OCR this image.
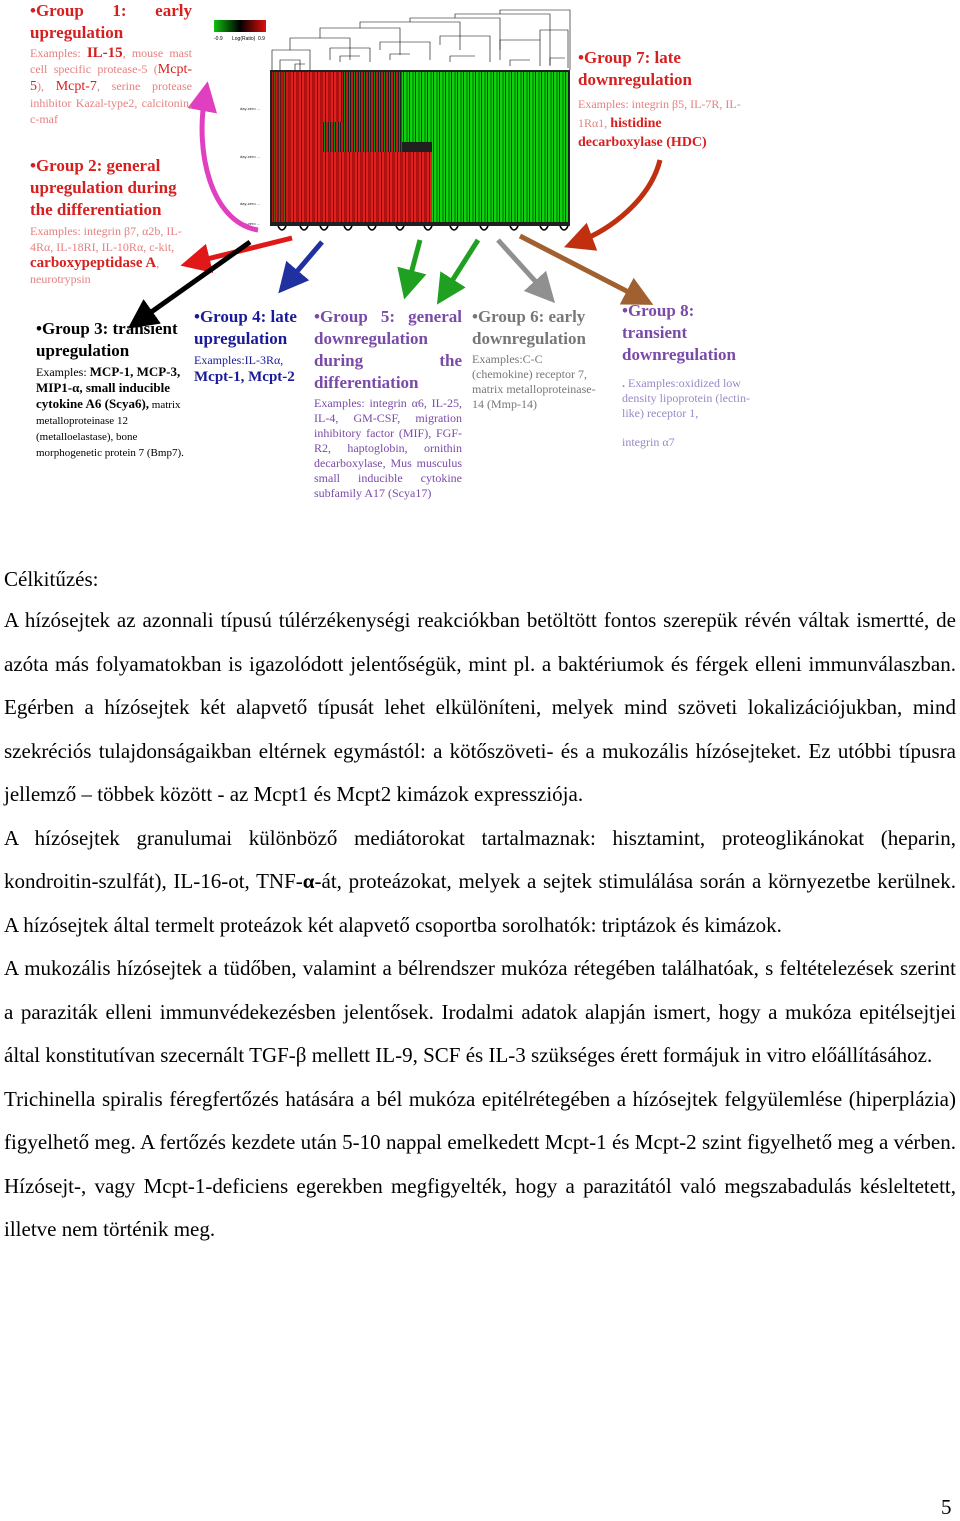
-0.9 Log(Ratio) 0.9
day-zero ...
day-zero ...
day-zero ...
day-zero ...
•Group 1: early upregulation
Examples: IL-15, mouse mast cell specific protease-5 (Mcpt-5), Mcpt-7, serine protease inhibitor Kazal-type2, calcitonin, c-maf
•Group 2: general upregulation during the differentiation
Examples: integrin β7, α2b, IL-4Rα, IL-18RI, IL-10Rα, c-kit,
carboxypeptidase A, neurotrypsin
•Group 3: transient upregulation
Examples: MCP-1, MCP-3, MIP1-α, small inducible cytokine A6 (Scya6), matrix metalloproteinase 12 (metalloelastase), bone morphogenetic protein 7 (Bmp7).
•Group 4: late upregulation
Examples:IL-3Rα,
Mcpt-1, Mcpt-2
•Group 5: general downregulation during the differentiation
Examples: integrin α6, IL-25, IL-4, GM-CSF, migration inhibitory factor (MIF), FGF-R2, haptoglobin, ornithin decarboxylase, Mus musculus small inducible cytokine subfamily A17 (Scya17)
•Group 6: early downregulation
Examples:C-C (chemokine) receptor 7, matrix metalloproteinase-14 (Mmp-14)
•Group 7: late downregulation
Examples: integrin β5, IL-7R, IL-1Rα1, histidine decarboxylase (HDC)
•Group 8: transient downregulation
. Examples:oxidized low density lipoprotein (lectin-like) receptor 1,
integrin α7
Célkitűzés:

A hízósejtek az azonnali típusú túlérzékenységi reakciókban betöltött fontos szerepük révén váltak ismertté, de azóta más folyamatokban is igazolódott jelentőségük, mint pl. a baktériumok és férgek elleni immunválaszban. Egérben a hízósejtek két alapvető típusát lehet elkülöníteni, melyek mind szöveti lokalizációjukban, mind szekréciós tulajdonságaikban eltérnek egymástól: a kötőszöveti- és a mukozális hízósejteket. Ez utóbbi típusra jellemző – többek között - az Mcpt1 és Mcpt2 kimázok expressziója.

A hízósejtek granulumai különböző mediátorokat tartalmaznak: hisztamint, proteoglikánokat (heparin, kondroitin-szulfát), IL-16-ot, TNF-α-át, proteázokat, melyek a sejtek stimulálása során a környezetbe kerülnek. A hízósejtek által termelt proteázok két alapvető csoportba sorolhatók: triptázok és kimázok.

A mukozális hízósejtek a tüdőben, valamint a bélrendszer mukóza rétegében találhatóak, s feltételezések szerint a paraziták elleni immunvédekezésben jelentősek. Irodalmi adatok alapján ismert, hogy a mukóza epitélsejtjei által konstitutívan szecernált TGF-β mellett IL-9, SCF és IL-3 szükséges érett formájuk in vitro előállításához.

Trichinella spiralis féregfertőzés hatására a bél mukóza epitélrétegében a hízósejtek felgyülemlése (hiperplázia) figyelhető meg. A fertőzés kezdete után 5-10 nappal emelkedett Mcpt-1 és Mcpt-2 szint figyelhető meg a vérben. Hízósejt-, vagy Mcpt-1-deficiens egerekben megfigyelték, hogy a parazitától való megszabadulás késleltetett, illetve nem történik meg.

5
